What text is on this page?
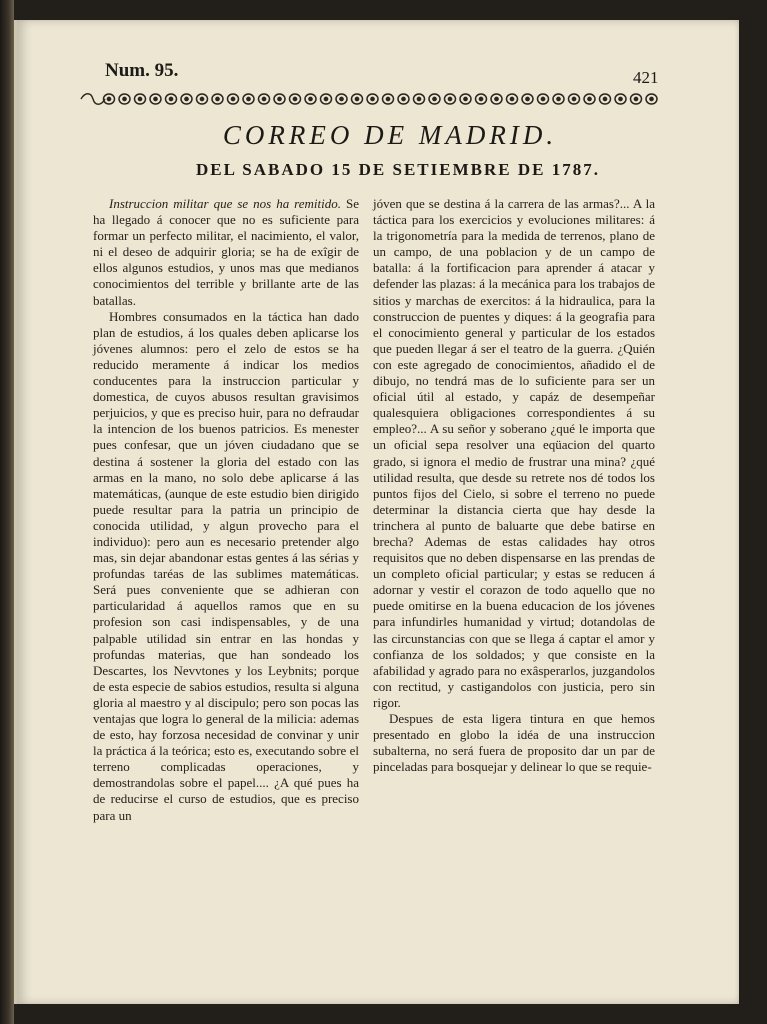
Num. 95.	421
CORREO DE MADRID.
DEL SABADO 15 DE SETIEMBRE DE 1787.

Instruccion militar que se nos ha remitido. Se ha llegado á conocer que no es suficiente para formar un perfecto militar, el nacimiento, el valor, ni el deseo de adquirir gloria; se ha de exîgir de ellos algunos estudios, y unos mas que medianos conocimientos del terrible y brillante arte de las batallas.

Hombres consumados en la táctica han dado plan de estudios, á los quales deben aplicarse los jóvenes alumnos: pero el zelo de estos se ha reducido meramente á indicar los medios conducentes para la instruccion particular y domestica, de cuyos abusos resultan gravisimos perjuicios, y que es preciso huir, para no defraudar la intencion de los buenos patricios. Es menester pues confesar, que un jóven ciudadano que se destina á sostener la gloria del estado con las armas en la mano, no solo debe aplicarse á las matemáticas, (aunque de este estudio bien dirigido puede resultar para la patria un principio de conocida utilidad, y algun provecho para el individuo): pero aun es necesario pretender algo mas, sin dejar abandonar estas gentes á las sérias y profundas taréas de las sublimes matemáticas. Será pues conveniente que se adhieran con particularidad á aquellos ramos que en su profesion son casi indispensables, y de una palpable utilidad sin entrar en las hondas y profundas materias, que han sondeado los Descartes, los Nevvtones y los Leybnits; porque de esta especie de sabios estudios, resulta si alguna gloria al maestro y al discipulo; pero son pocas las ventajas que logra lo general de la milicia: ademas de esto, hay forzosa necesidad de convinar y unir la práctica á la teórica; esto es, executando sobre el terreno complicadas operaciones, y demostrandolas sobre el papel.... ¿A qué pues ha de reducirse el curso de estudios, que es preciso para un

jóven que se destina á la carrera de las armas?... A la táctica para los exercicios y evoluciones militares: á la trigonometría para la medida de terrenos, plano de un campo, de una poblacion y de un campo de batalla: á la fortificacion para aprender á atacar y defender las plazas: á la mecánica para los trabajos de sitios y marchas de exercitos: á la hidraulica, para la construccion de puentes y diques: á la geografia para el conocimiento general y particular de los estados que pueden llegar á ser el teatro de la guerra. ¿Quién con este agregado de conocimientos, añadido el de dibujo, no tendrá mas de lo suficiente para ser un oficial útil al estado, y capáz de desempeñar qualesquiera obligaciones correspondientes á su empleo?... A su señor y soberano ¿qué le importa que un oficial sepa resolver una eqüacion del quarto grado, si ignora el medio de frustrar una mina? ¿qué utilidad resulta, que desde su retrete nos dé todos los puntos fijos del Cielo, si sobre el terreno no puede determinar la distancia cierta que hay desde la trinchera al punto de baluarte que debe batirse en brecha? Ademas de estas calidades hay otros requisitos que no deben dispensarse en las prendas de un completo oficial particular; y estas se reducen á adornar y vestir el corazon de todo aquello que no puede omitirse en la buena educacion de los jóvenes para infundirles humanidad y virtud; dotandolas de las circunstancias con que se llega á captar el amor y confianza de los soldados; y que consiste en la afabilidad y agrado para no exâsperarlos, juzgandolos con rectitud, y castigandolos con justicia, pero sin rigor.

Despues de esta ligera tintura en que hemos presentado en globo la idéa de una instruccion subalterna, no será fuera de proposito dar un par de pinceladas para bosquejar y delinear lo que se requie-
